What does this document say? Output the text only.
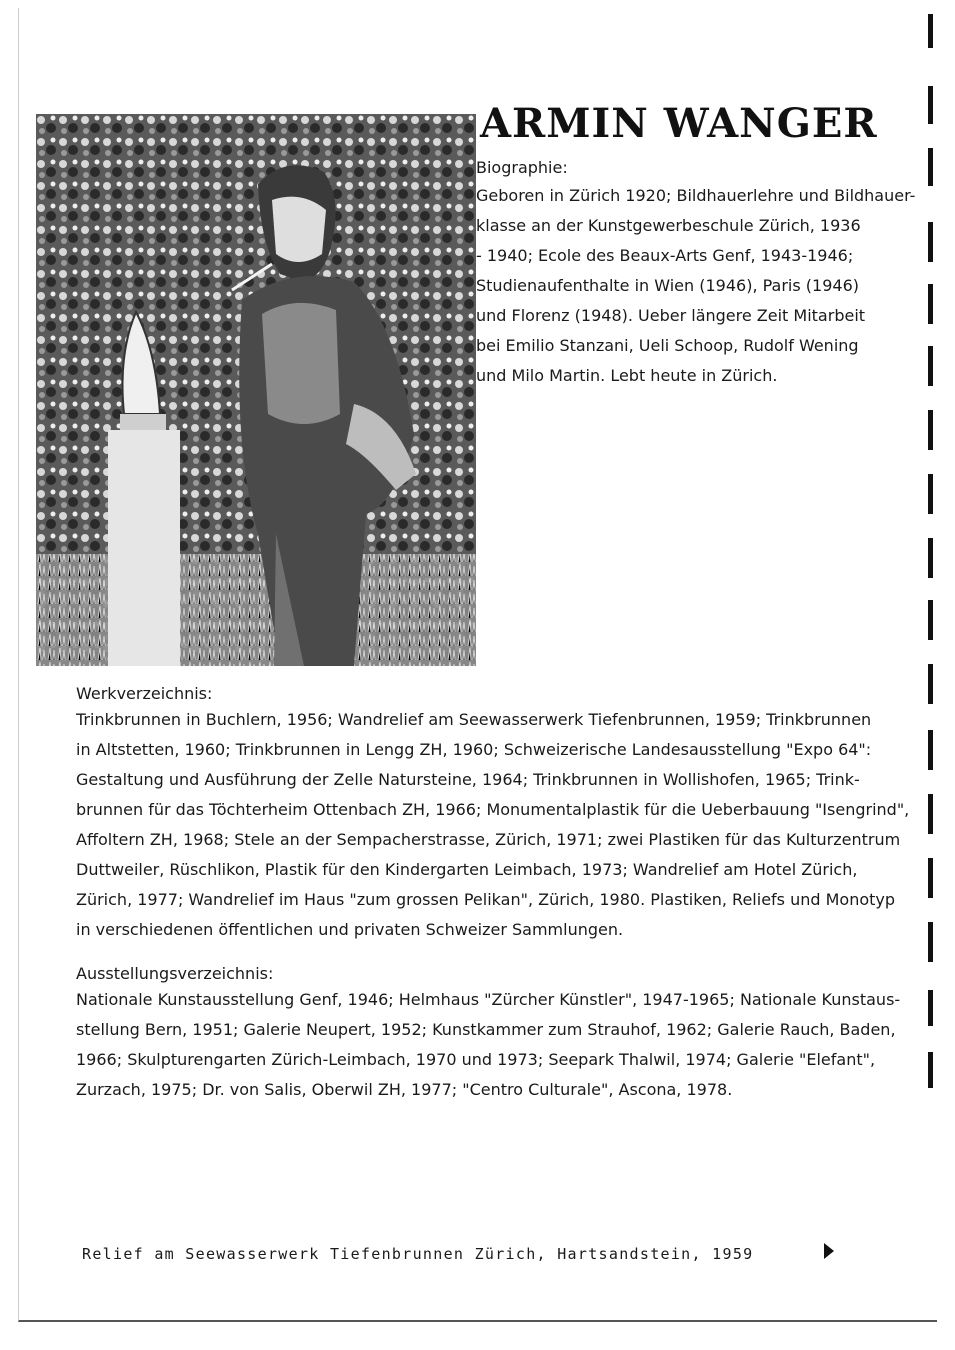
ARMIN WANGER
Biographie:
Geboren in Zürich 1920; Bildhauerlehre und Bildhauer-
klasse an der Kunstgewerbeschule Zürich, 1936
- 1940; Ecole des Beaux-Arts Genf, 1943-1946;
Studienaufenthalte in Wien (1946), Paris (1946)
und Florenz (1948). Ueber längere Zeit Mitarbeit
bei Emilio Stanzani, Ueli Schoop, Rudolf Wening
und Milo Martin. Lebt heute in Zürich.
Werkverzeichnis:
Trinkbrunnen in Buchlern, 1956; Wandrelief am Seewasserwerk Tiefenbrunnen, 1959; Trinkbrunnen
in Altstetten, 1960; Trinkbrunnen in Lengg ZH, 1960; Schweizerische Landesausstellung "Expo 64":
Gestaltung und Ausführung der Zelle Natursteine, 1964; Trinkbrunnen in Wollishofen, 1965; Trink-
brunnen für das Töchterheim Ottenbach ZH, 1966; Monumentalplastik für die Ueberbauung "Isengrind",
Affoltern ZH, 1968; Stele an der Sempacherstrasse, Zürich, 1971; zwei Plastiken für das Kulturzentrum
Duttweiler, Rüschlikon, Plastik für den Kindergarten Leimbach, 1973; Wandrelief am Hotel Zürich,
Zürich, 1977; Wandrelief im Haus "zum grossen Pelikan", Zürich, 1980. Plastiken, Reliefs und Monotyp
in verschiedenen öffentlichen und privaten Schweizer Sammlungen.
Ausstellungsverzeichnis:
Nationale Kunstausstellung Genf, 1946; Helmhaus "Zürcher Künstler", 1947-1965; Nationale Kunstaus-
stellung Bern, 1951; Galerie Neupert, 1952; Kunstkammer zum Strauhof, 1962; Galerie Rauch, Baden,
1966; Skulpturengarten Zürich-Leimbach, 1970 und 1973; Seepark Thalwil, 1974; Galerie "Elefant",
Zurzach, 1975; Dr. von Salis, Oberwil ZH, 1977; "Centro Culturale", Ascona, 1978.
Relief am Seewasserwerk Tiefenbrunnen Zürich, Hartsandstein, 1959
